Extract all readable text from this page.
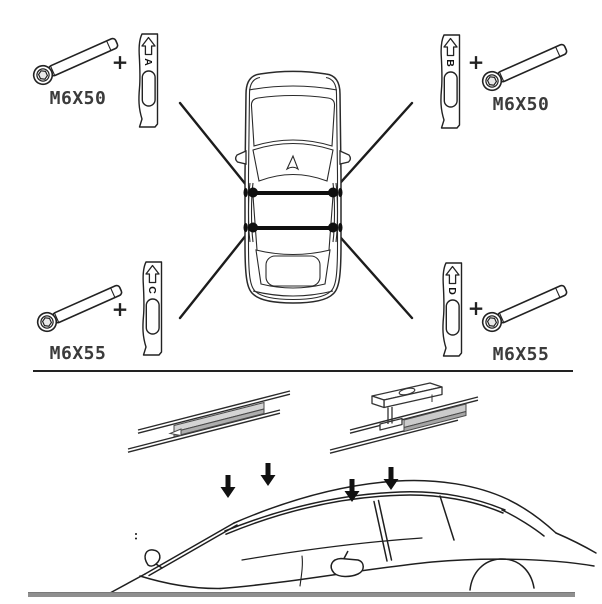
A	B
C	D
+	+
+	+
M6X50	M6X50
M6X55	M6X55
